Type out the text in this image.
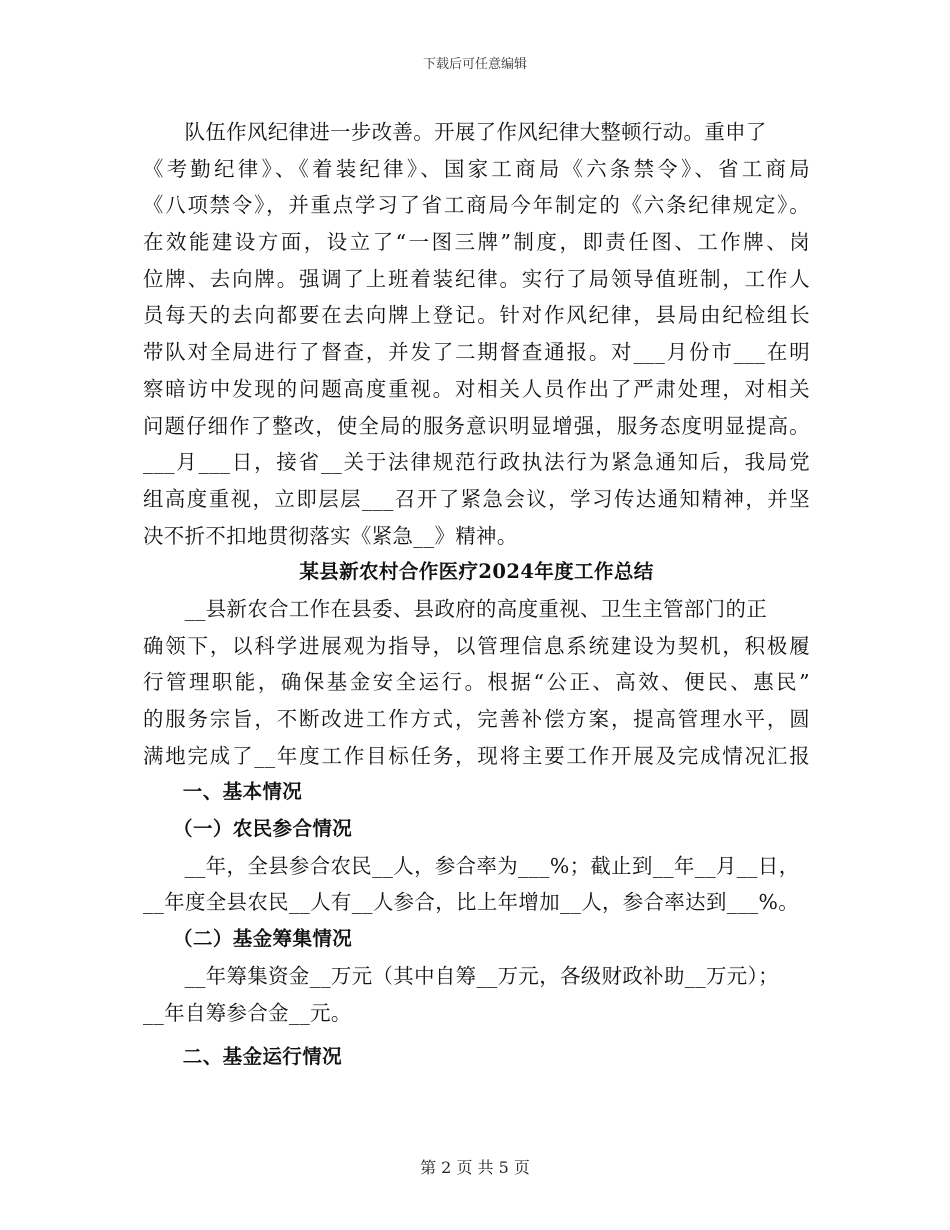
下载后可任意编辑
　　队伍作风纪律进一步改善。开展了作风纪律大整顿行动。重申了
《考勤纪律》、《着装纪律》、国家工商局《六条禁令》、省工商局
《八项禁令》，并重点学习了省工商局今年制定的《六条纪律规定》。
在效能建设方面，设立了“一图三牌”制度，即责任图、工作牌、岗
位牌、去向牌。强调了上班着装纪律。实行了局领导值班制，工作人
员每天的去向都要在去向牌上登记。针对作风纪律，县局由纪检组长
带队对全局进行了督查，并发了二期督查通报。对___月份市___在明
察暗访中发现的问题高度重视。对相关人员作出了严肃处理，对相关
问题仔细作了整改，使全局的服务意识明显增强，服务态度明显提高。
___月___日，接省__关于法律规范行政执法行为紧急通知后，我局党
组高度重视，立即层层___召开了紧急会议，学习传达通知精神，并坚
决不折不扣地贯彻落实《紧急__》精神。
某县新农村合作医疗2024年度工作总结
　　__县新农合工作在县委、县政府的高度重视、卫生主管部门的正
确领下，以科学进展观为指导，以管理信息系统建设为契机，积极履
行管理职能，确保基金安全运行。根据“公正、高效、便民、惠民”
的服务宗旨，不断改进工作方式，完善补偿方案，提高管理水平，圆
满地完成了__年度工作目标任务，现将主要工作开展及完成情况汇报
　　一、基本情况
　　（一）农民参合情况
　　__年，全县参合农民__人，参合率为___%；截止到__年__月__日，
__年度全县农民__人有__人参合，比上年增加__人，参合率达到___%。
　　（二）基金筹集情况
　　__年筹集资金__万元（其中自筹__万元，各级财政补助__万元）；
__年自筹参合金__元。
　　二、基金运行情况
第 2 页 共 5 页
